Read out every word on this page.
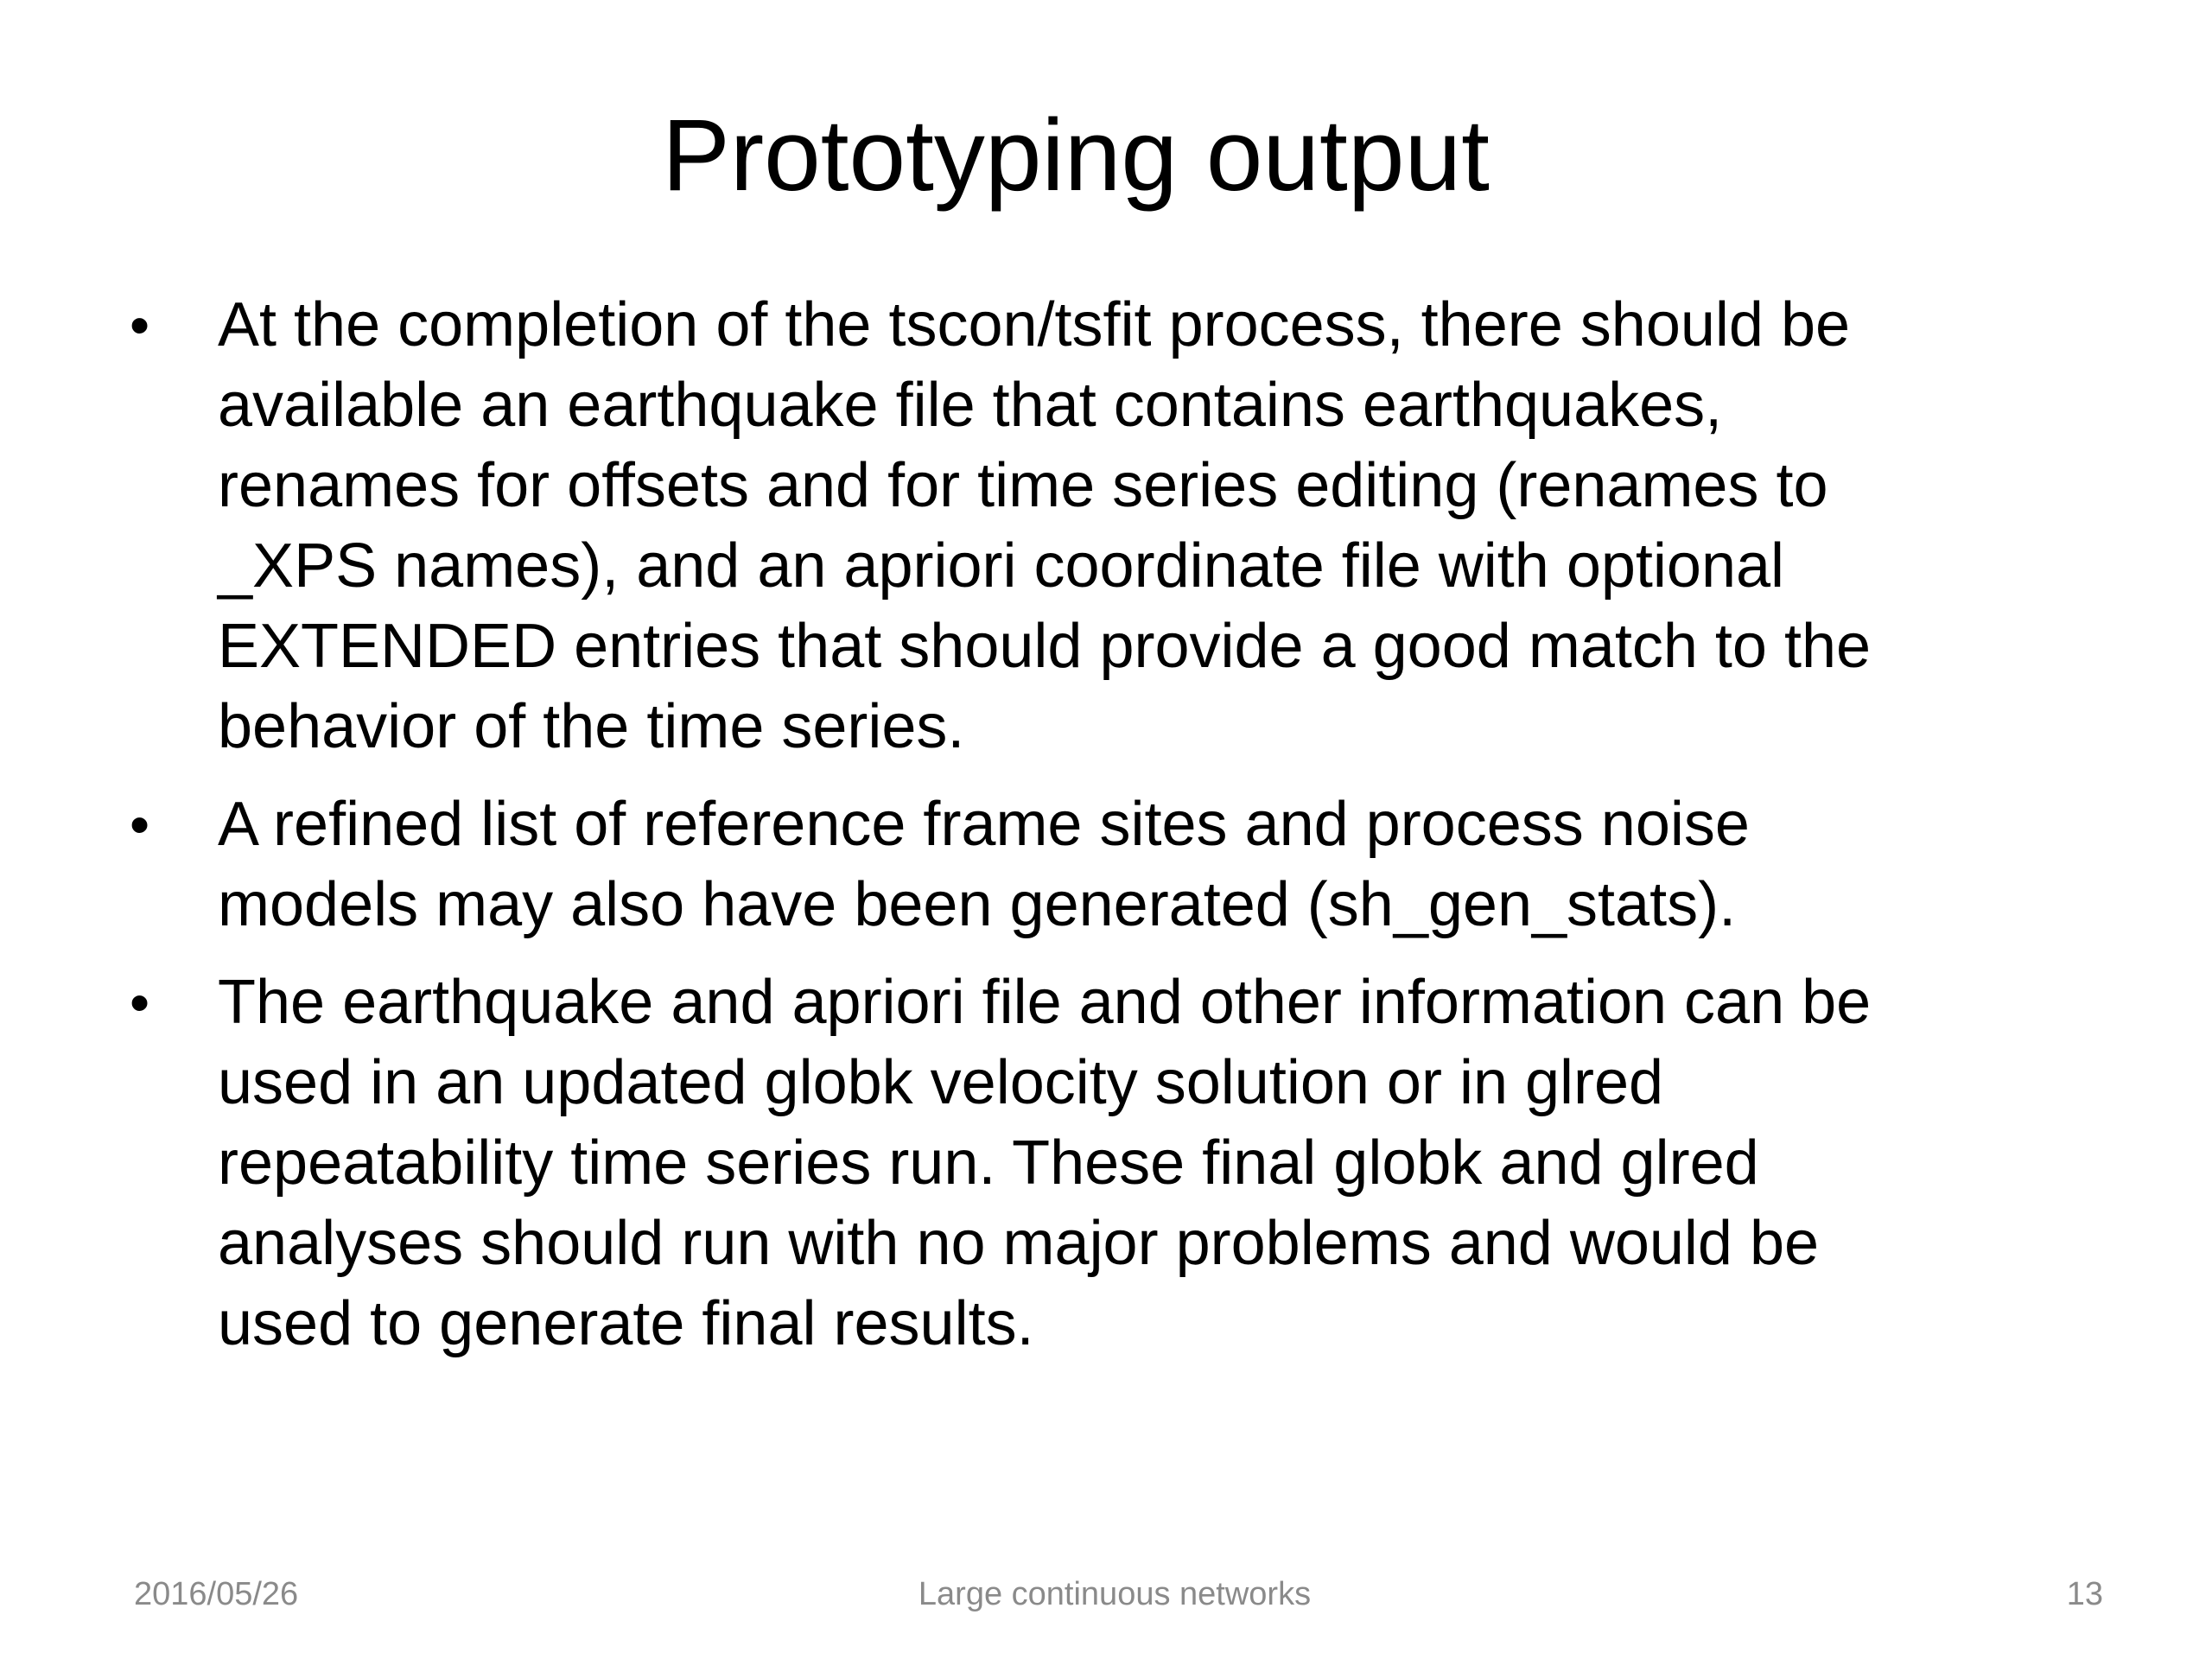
Prototyping output
• At the completion of the tscon/tsfit process, there should be
available an earthquake file that contains earthquakes,
renames for offsets and for time series editing (renames to
_XPS names), and an apriori coordinate file with optional
EXTENDED entries that should provide a good match to the
behavior of the time series.
• A refined list of reference frame sites and process noise
models may also have been generated (sh_gen_stats).
• The earthquake and apriori file and other information can be
used in an updated globk velocity solution or in glred
repeatability time series run. These final globk and glred
analyses should run with no major problems and would be
used to generate final results.
2016/05/26	Large continuous networks	13
